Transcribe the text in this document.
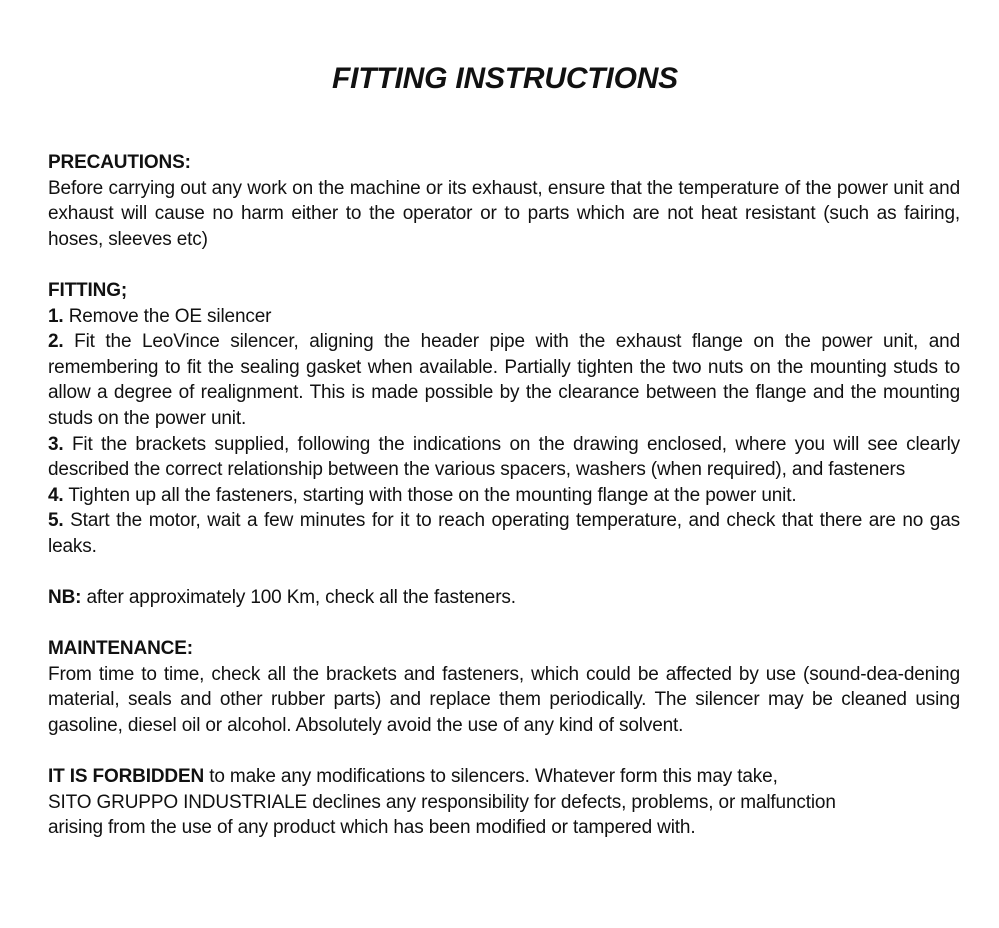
FITTING INSTRUCTIONS
PRECAUTIONS:
Before carrying out any work on the machine or its exhaust, ensure that the temperature of the power unit and exhaust will cause no harm either to the operator or to parts which are not heat resistant (such as fairing, hoses, sleeves etc)
FITTING;
1. Remove the OE silencer
2. Fit the LeoVince silencer, aligning the header pipe with the exhaust flange on the power unit, and remembering to fit the sealing gasket when available. Partially tighten the two nuts on the mounting studs to allow a degree of realignment. This is made possible by the clearance between the flange and the mounting studs on the power unit.
3. Fit the brackets supplied, following the indications on the drawing enclosed, where you will see clearly described the correct relationship between the various spacers, washers (when required), and fasteners
4. Tighten up all the fasteners, starting with those on the mounting flange at the power unit.
5. Start the motor, wait a few minutes for it to reach operating temperature, and check that there are no gas leaks.
NB: after approximately 100 Km, check all the fasteners.
MAINTENANCE:
From time to time, check all the brackets and fasteners, which could be affected by use (sound-dea-dening material, seals and other rubber parts) and replace them periodically. The silencer may be cleaned using gasoline, diesel oil or alcohol. Absolutely avoid the use of any kind of solvent.
IT IS FORBIDDEN to make any modifications to silencers. Whatever form this may take,
SITO GRUPPO INDUSTRIALE declines any responsibility for defects, problems, or malfunction
arising from the use of any product which has been modified or tampered with.
